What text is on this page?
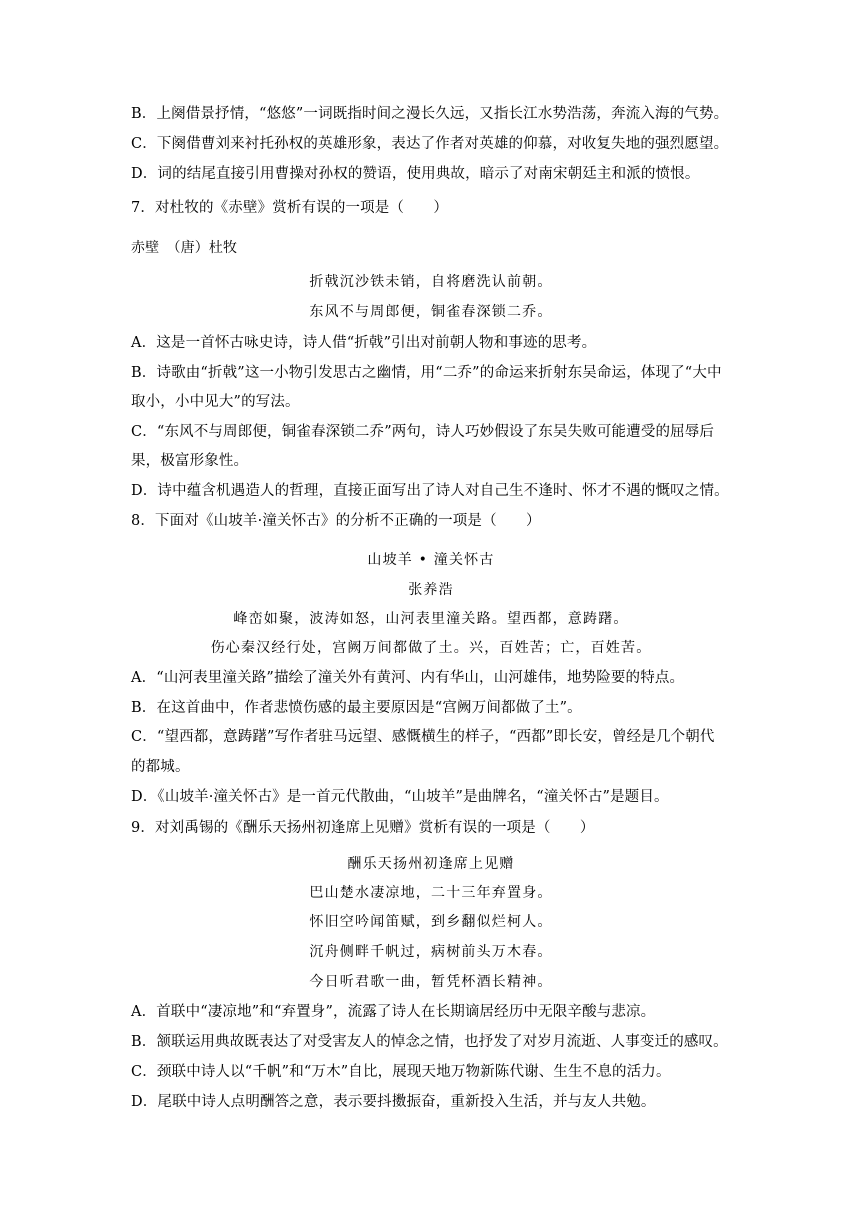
B．上阕借景抒情，“悠悠”一词既指时间之漫长久远，又指长江水势浩荡，奔流入海的气势。
C．下阕借曹刘来衬托孙权的英雄形象，表达了作者对英雄的仰慕，对收复失地的强烈愿望。
D．词的结尾直接引用曹操对孙权的赞语，使用典故，暗示了对南宋朝廷主和派的愤恨。
7．对杜牧的《赤壁》赏析有误的一项是（　　）
赤壁　（唐）杜牧
折戟沉沙铁未销，自将磨洗认前朝。
东风不与周郎便，铜雀春深锁二乔。
A．这是一首怀古咏史诗，诗人借“折戟”引出对前朝人物和事迹的思考。
B．诗歌由“折戟”这一小物引发思古之幽情，用“二乔”的命运来折射东吴命运，体现了“大中
取小，小中见大”的写法。
C．“东风不与周郎便，铜雀春深锁二乔”两句，诗人巧妙假设了东吴失败可能遭受的屈辱后
果，极富形象性。
D．诗中蕴含机遇造人的哲理，直接正面写出了诗人对自己生不逢时、怀才不遇的慨叹之情。
8．下面对《山坡羊·潼关怀古》的分析不正确的一项是（　　）
山坡羊 • 潼关怀古
张养浩
峰峦如聚，波涛如怒，山河表里潼关路。望西都，意踌躇。
伤心秦汉经行处，宫阙万间都做了土。兴，百姓苦；亡，百姓苦。
A．“山河表里潼关路”描绘了潼关外有黄河、内有华山，山河雄伟，地势险要的特点。
B．在这首曲中，作者悲愤伤感的最主要原因是“宫阙万间都做了土”。
C．“望西都，意踌躇”写作者驻马远望、感慨横生的样子，“西都”即长安，曾经是几个朝代
的都城。
D．《山坡羊·潼关怀古》是一首元代散曲，“山坡羊”是曲牌名，“潼关怀古”是题目。
9．对刘禹锡的《酬乐天扬州初逢席上见赠》赏析有误的一项是（　　）
酬乐天扬州初逢席上见赠
巴山楚水凄凉地，二十三年弃置身。
怀旧空吟闻笛赋，到乡翻似烂柯人。
沉舟侧畔千帆过，病树前头万木春。
今日听君歌一曲，暂凭杯酒长精神。
A．首联中“凄凉地”和“弃置身”，流露了诗人在长期谪居经历中无限辛酸与悲凉。
B．颔联运用典故既表达了对受害友人的悼念之情，也抒发了对岁月流逝、人事变迁的感叹。
C．颈联中诗人以“千帆”和“万木”自比，展现天地万物新陈代谢、生生不息的活力。
D．尾联中诗人点明酬答之意，表示要抖擞振奋，重新投入生活，并与友人共勉。
